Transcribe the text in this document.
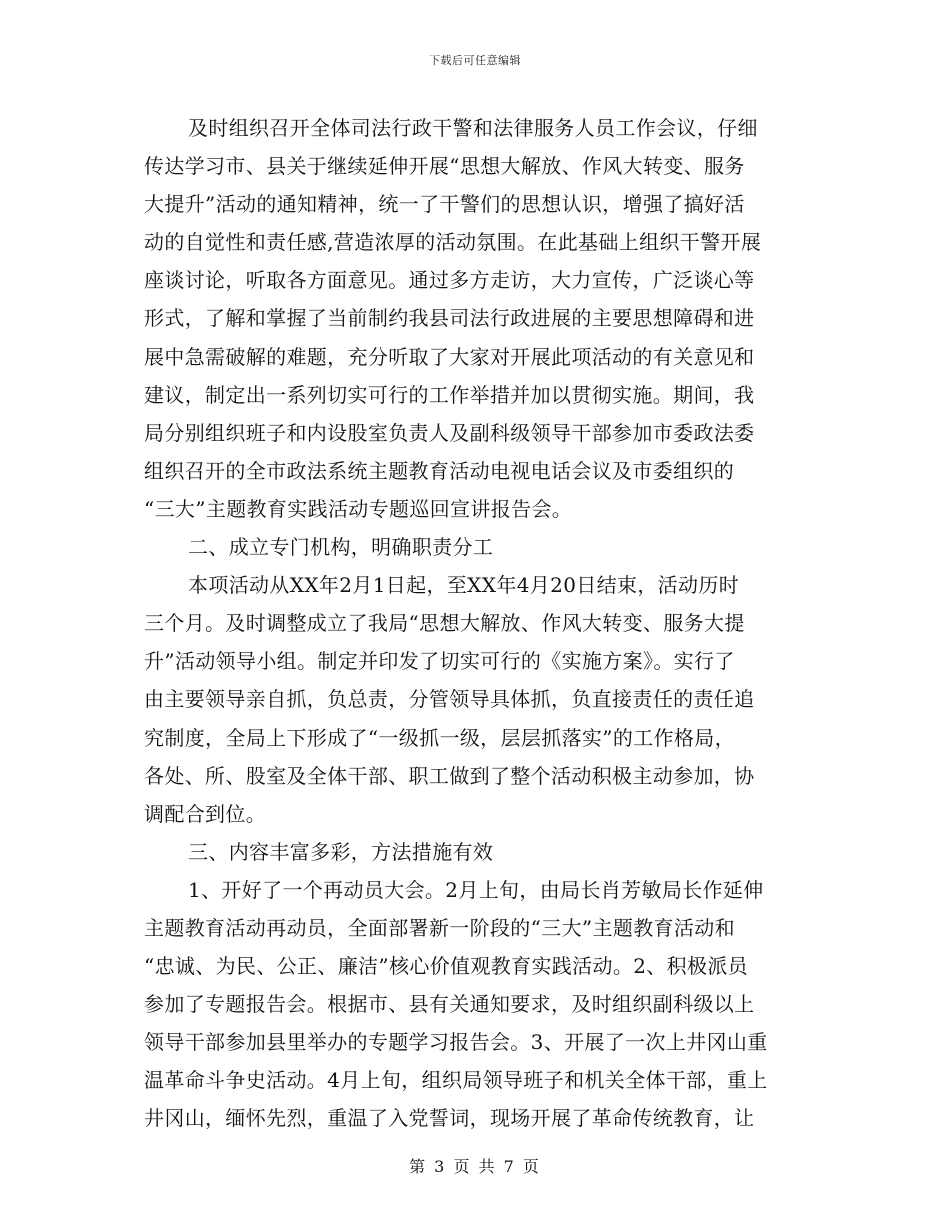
下载后可任意编辑
及时组织召开全体司法行政干警和法律服务人员工作会议，仔细
传达学习市、县关于继续延伸开展“思想大解放、作风大转变、服务
大提升”活动的通知精神，统一了干警们的思想认识，增强了搞好活
动的自觉性和责任感,营造浓厚的活动氛围。在此基础上组织干警开展
座谈讨论，听取各方面意见。通过多方走访，大力宣传，广泛谈心等
形式，了解和掌握了当前制约我县司法行政进展的主要思想障碍和进
展中急需破解的难题，充分听取了大家对开展此项活动的有关意见和
建议，制定出一系列切实可行的工作举措并加以贯彻实施。期间，我
局分别组织班子和内设股室负责人及副科级领导干部参加市委政法委
组织召开的全市政法系统主题教育活动电视电话会议及市委组织的
“三大”主题教育实践活动专题巡回宣讲报告会。
二、成立专门机构，明确职责分工
本项活动从XX年2月1日起，至XX年4月20日结束，活动历时
三个月。及时调整成立了我局“思想大解放、作风大转变、服务大提
升”活动领导小组。制定并印发了切实可行的《实施方案》。实行了
由主要领导亲自抓，负总责，分管领导具体抓，负直接责任的责任追
究制度，全局上下形成了“一级抓一级，层层抓落实”的工作格局，
各处、所、股室及全体干部、职工做到了整个活动积极主动参加，协
调配合到位。
三、内容丰富多彩，方法措施有效
1、开好了一个再动员大会。2月上旬，由局长肖芳敏局长作延伸
主题教育活动再动员，全面部署新一阶段的“三大”主题教育活动和
“忠诚、为民、公正、廉洁”核心价值观教育实践活动。2、积极派员
参加了专题报告会。根据市、县有关通知要求，及时组织副科级以上
领导干部参加县里举办的专题学习报告会。3、开展了一次上井冈山重
温革命斗争史活动。4月上旬，组织局领导班子和机关全体干部，重上
井冈山，缅怀先烈，重温了入党誓词，现场开展了革命传统教育，让
第 3 页 共 7 页
